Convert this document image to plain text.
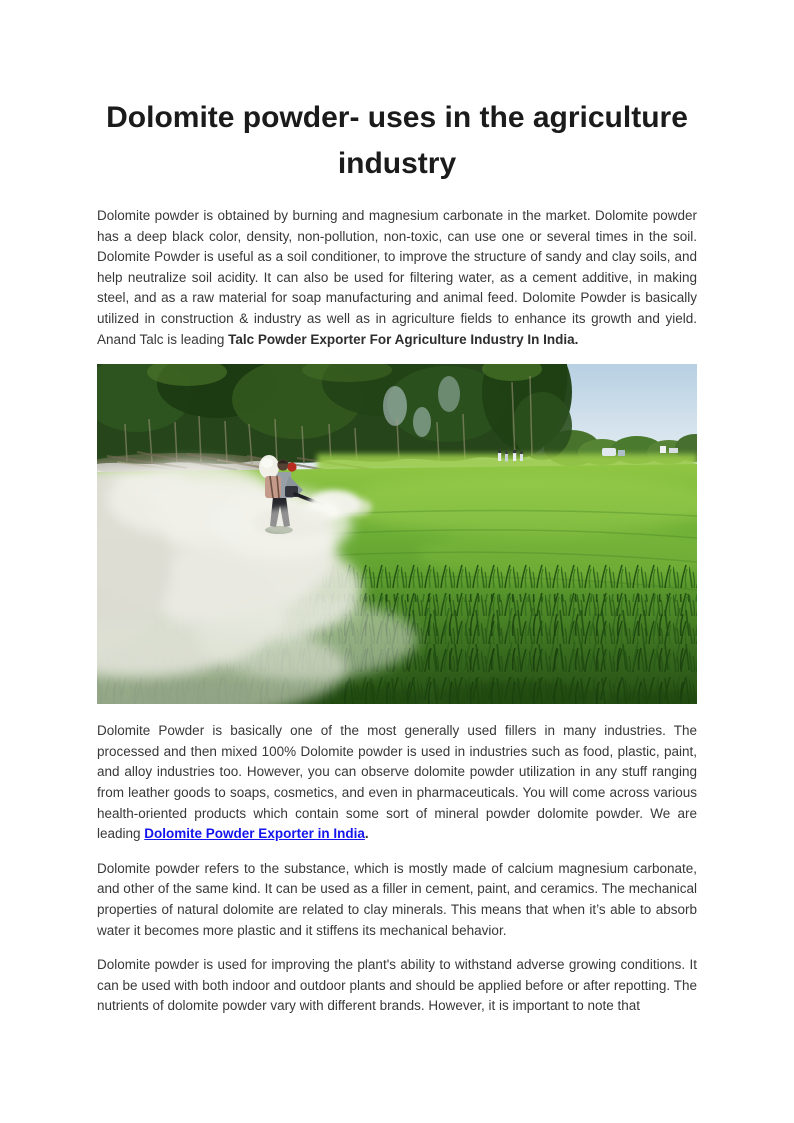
Dolomite powder- uses in the agriculture
industry

Dolomite powder is obtained by burning and magnesium carbonate in the market. Dolomite powder has a deep black color, density, non-pollution, non-toxic, can use one or several times in the soil. Dolomite Powder is useful as a soil conditioner, to improve the structure of sandy and clay soils, and help neutralize soil acidity. It can also be used for filtering water, as a cement additive, in making steel, and as a raw material for soap manufacturing and animal feed. Dolomite Powder is basically utilized in construction & industry as well as in agriculture fields to enhance its growth and yield. Anand Talc is leading Talc Powder Exporter For Agriculture Industry In India.

Dolomite Powder is basically one of the most generally used fillers in many industries. The processed and then mixed 100% Dolomite powder is used in industries such as food, plastic, paint, and alloy industries too. However, you can observe dolomite powder utilization in any stuff ranging from leather goods to soaps, cosmetics, and even in pharmaceuticals. You will come across various health-oriented products which contain some sort of mineral powder dolomite powder. We are leading Dolomite Powder Exporter in India.

Dolomite powder refers to the substance, which is mostly made of calcium magnesium carbonate, and other of the same kind. It can be used as a filler in cement, paint, and ceramics. The mechanical properties of natural dolomite are related to clay minerals. This means that when it’s able to absorb water it becomes more plastic and it stiffens its mechanical behavior.

Dolomite powder is used for improving the plant's ability to withstand adverse growing conditions. It can be used with both indoor and outdoor plants and should be applied before or after repotting. The nutrients of dolomite powder vary with different brands. However, it is important to note that
